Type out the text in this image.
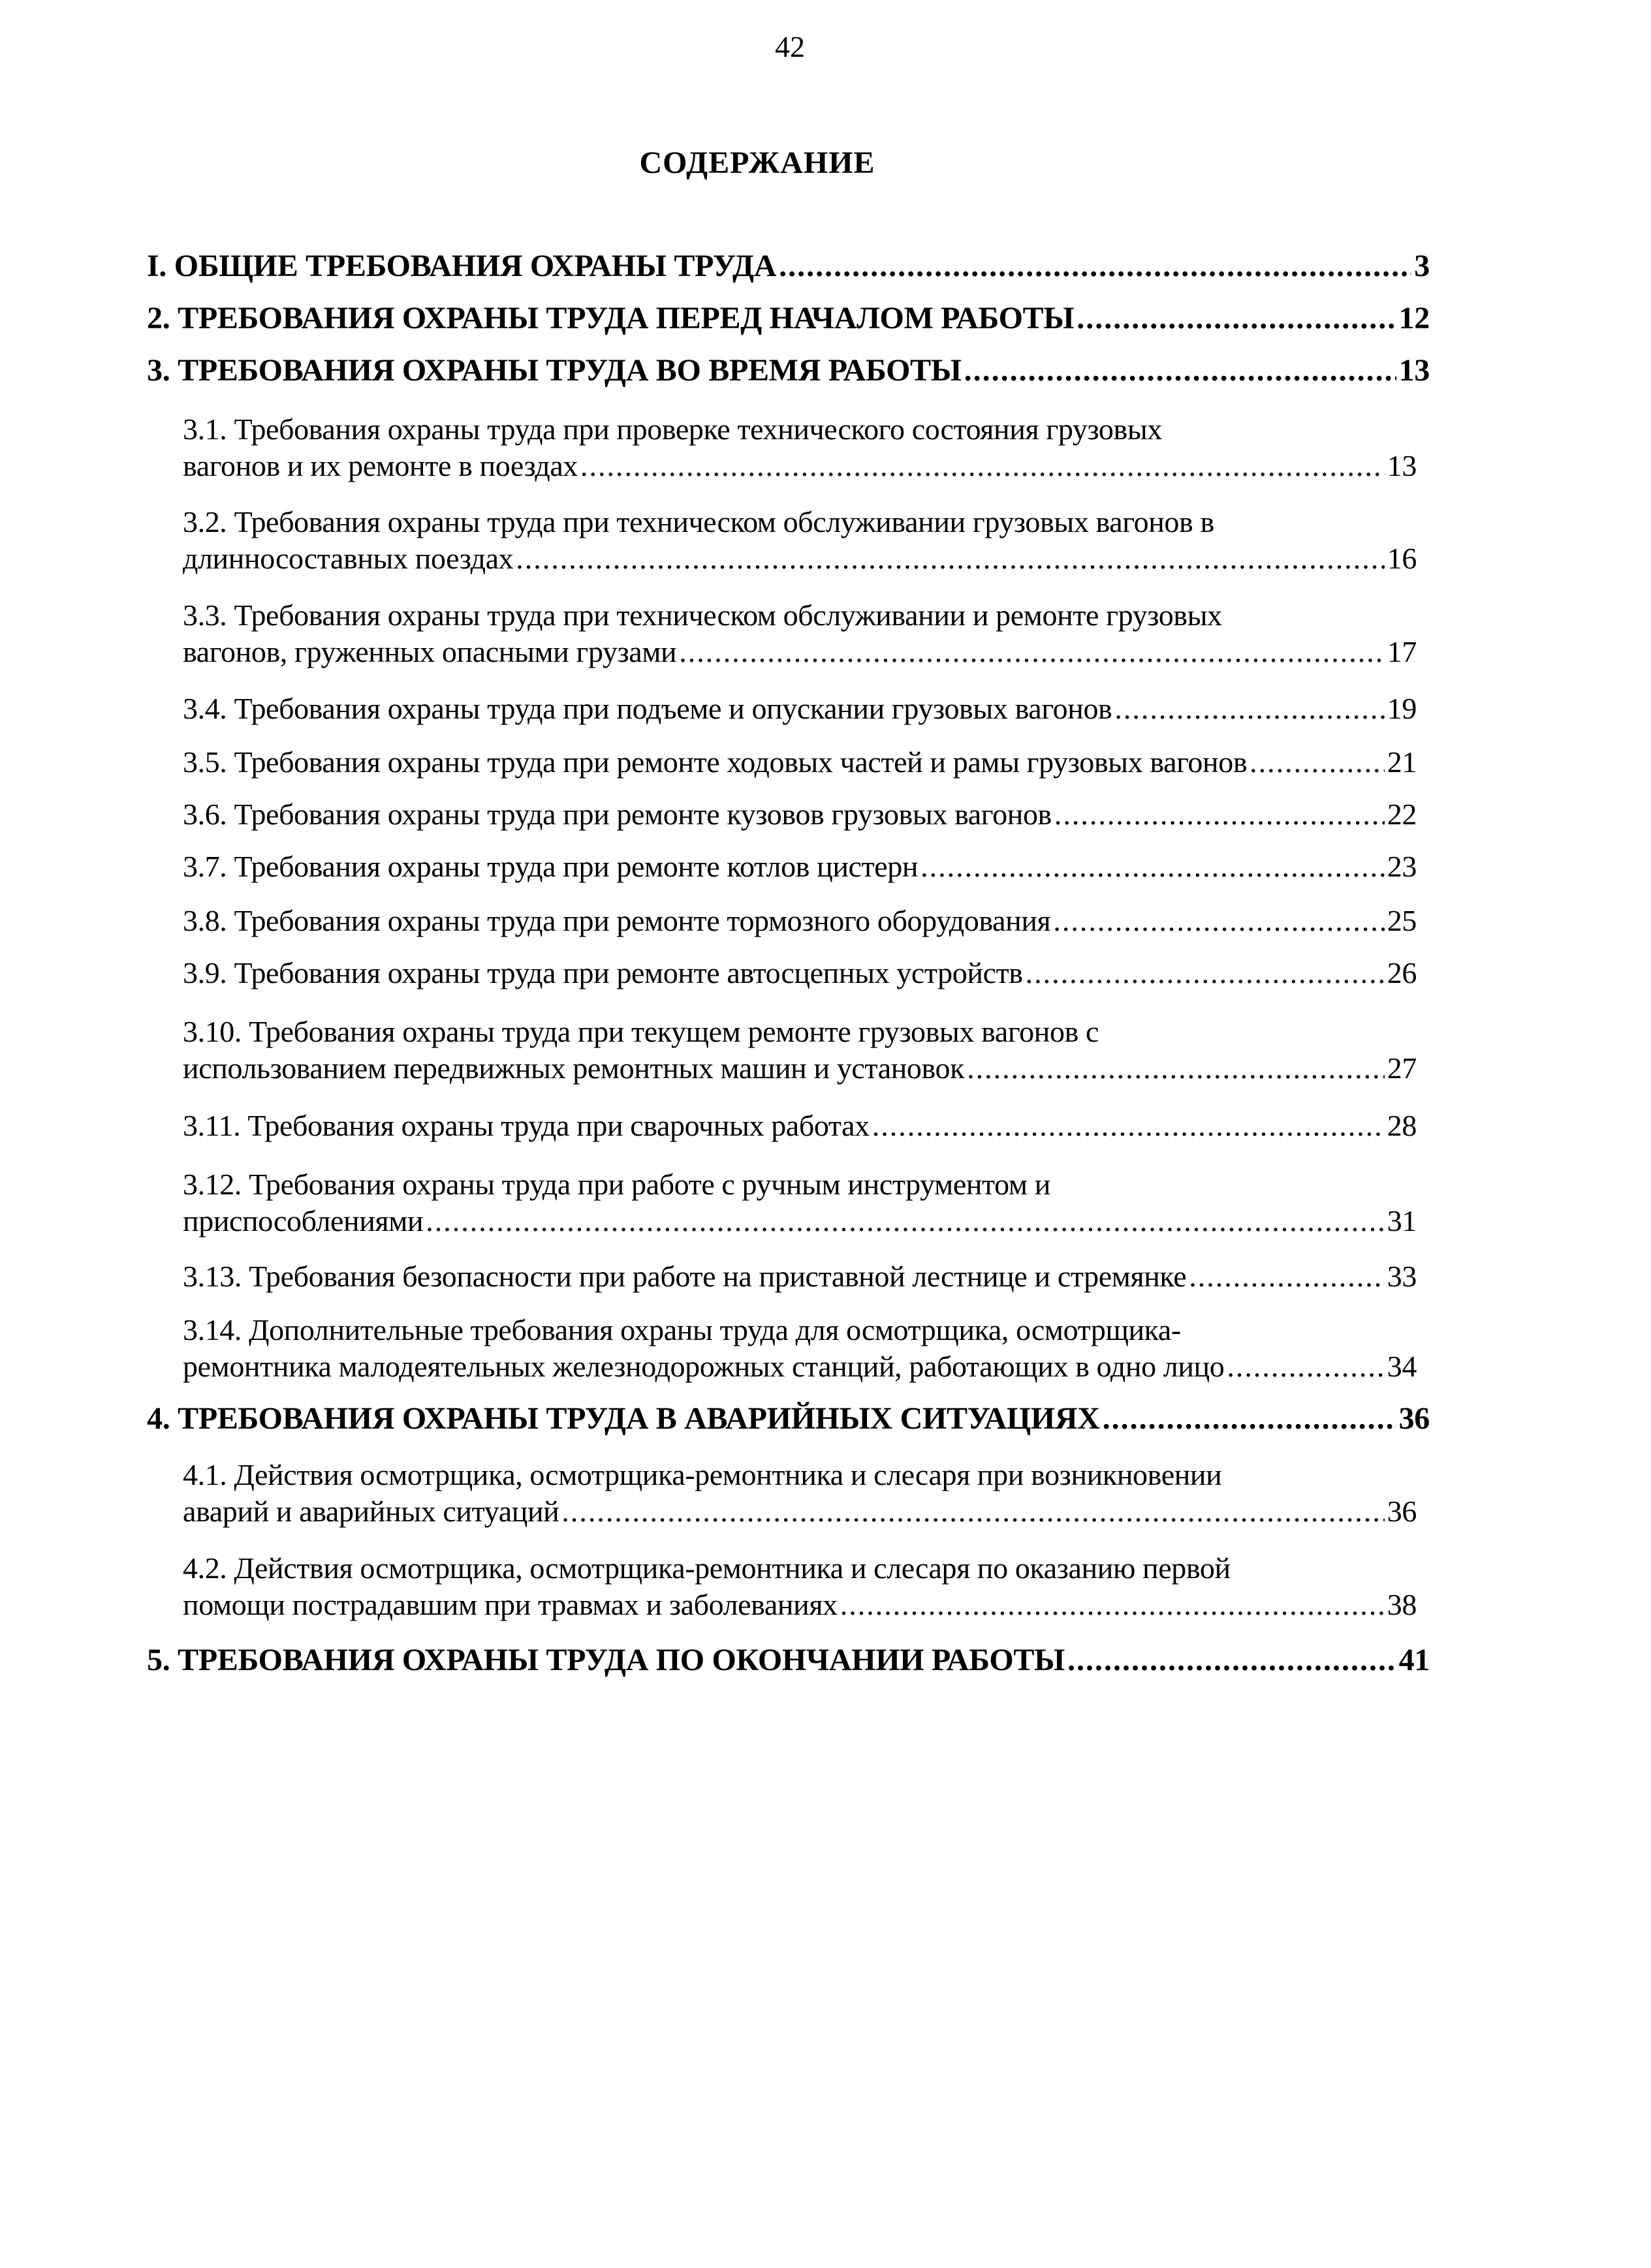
42
СОДЕРЖАНИЕ
I. ОБЩИЕ ТРЕБОВАНИЯ ОХРАНЫ ТРУДА .....	3
2. ТРЕБОВАНИЯ ОХРАНЫ ТРУДА ПЕРЕД НАЧАЛОМ РАБОТЫ .....	12
3. ТРЕБОВАНИЯ ОХРАНЫ ТРУДА ВО ВРЕМЯ РАБОТЫ .....	13
3.1. Требования охраны труда при проверке технического состояния грузовых
вагонов и их ремонте в поездах .....	13
3.2. Требования охраны труда при техническом обслуживании грузовых вагонов в
длинносоставных поездах .....	16
3.3. Требования охраны труда при техническом обслуживании и ремонте грузовых
вагонов, груженных опасными грузами .....	17
3.4. Требования охраны труда при подъеме и опускании грузовых вагонов .....	19
3.5. Требования охраны труда при ремонте ходовых частей и рамы грузовых вагонов .....	21
3.6. Требования охраны труда при ремонте кузовов грузовых вагонов .....	22
3.7. Требования охраны труда при ремонте котлов цистерн .....	23
3.8. Требования охраны труда при ремонте тормозного оборудования .....	25
3.9. Требования охраны труда при ремонте автосцепных устройств .....	26
3.10. Требования охраны труда при текущем ремонте грузовых вагонов с
использованием передвижных ремонтных машин и установок .....	27
3.11. Требования охраны труда при сварочных работах .....	28
3.12. Требования охраны труда при работе с ручным инструментом и
приспособлениями .....	31
3.13. Требования безопасности при работе на приставной лестнице и стремянке .....	33
3.14. Дополнительные требования охраны труда для осмотрщика, осмотрщика-
ремонтника малодеятельных железнодорожных станций, работающих в одно лицо .....	34
4. ТРЕБОВАНИЯ ОХРАНЫ ТРУДА В АВАРИЙНЫХ СИТУАЦИЯХ .....	36
4.1. Действия осмотрщика, осмотрщика-ремонтника и слесаря при возникновении
аварий и аварийных ситуаций .....	36
4.2. Действия осмотрщика, осмотрщика-ремонтника и слесаря по оказанию первой
помощи пострадавшим при травмах и заболеваниях .....	38
5. ТРЕБОВАНИЯ ОХРАНЫ ТРУДА ПО ОКОНЧАНИИ РАБОТЫ .....	41
